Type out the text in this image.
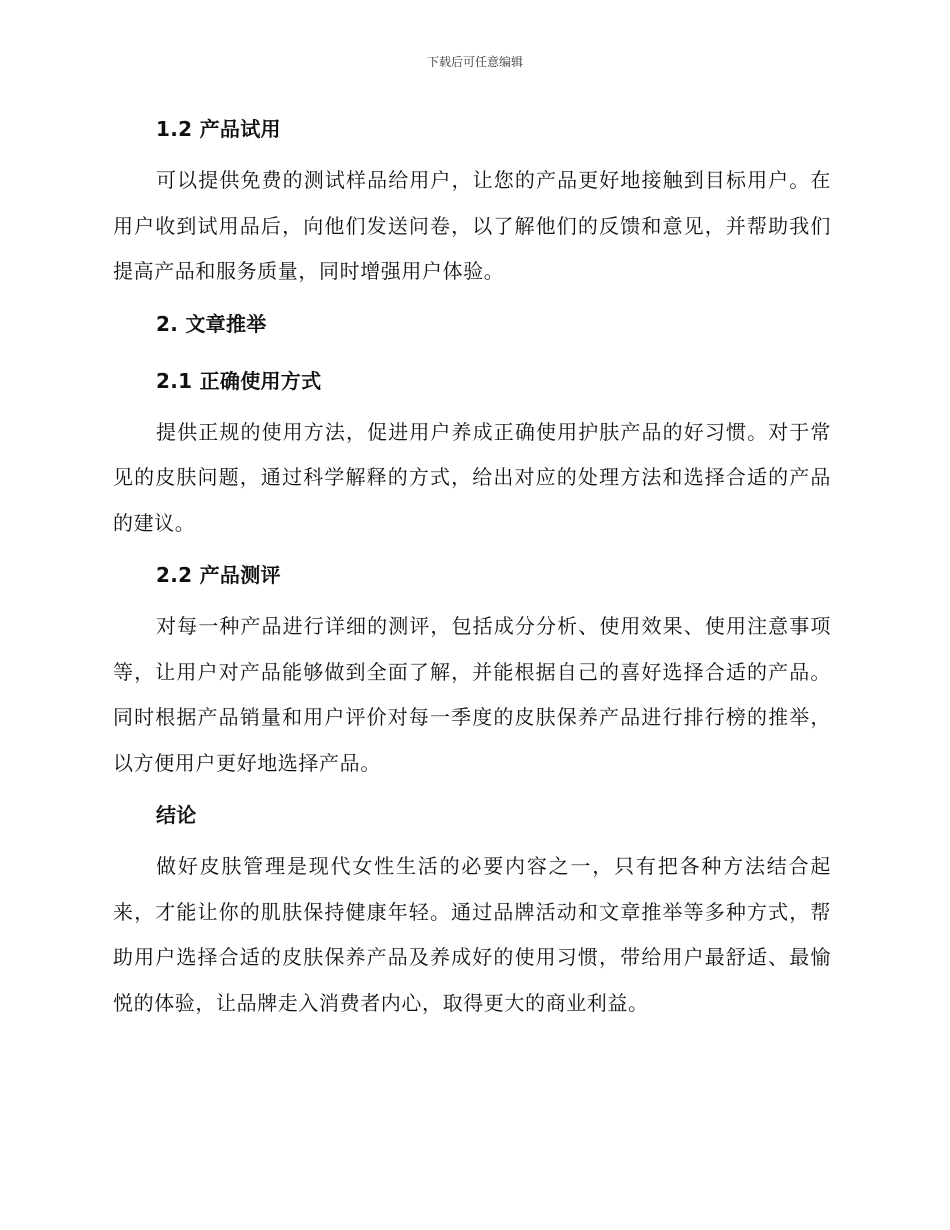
下载后可任意编辑
1.2 产品试用

可以提供免费的测试样品给用户，让您的产品更好地接触到目标用户。在用户收到试用品后，向他们发送问卷，以了解他们的反馈和意见，并帮助我们提高产品和服务质量，同时增强用户体验。

2. 文章推举
2.1 正确使用方式

提供正规的使用方法，促进用户养成正确使用护肤产品的好习惯。对于常见的皮肤问题，通过科学解释的方式，给出对应的处理方法和选择合适的产品的建议。

2.2 产品测评

对每一种产品进行详细的测评，包括成分分析、使用效果、使用注意事项等，让用户对产品能够做到全面了解，并能根据自己的喜好选择合适的产品。同时根据产品销量和用户评价对每一季度的皮肤保养产品进行排行榜的推举，以方便用户更好地选择产品。

结论

做好皮肤管理是现代女性生活的必要内容之一，只有把各种方法结合起来，才能让你的肌肤保持健康年轻。通过品牌活动和文章推举等多种方式，帮助用户选择合适的皮肤保养产品及养成好的使用习惯，带给用户最舒适、最愉悦的体验，让品牌走入消费者内心，取得更大的商业利益。
